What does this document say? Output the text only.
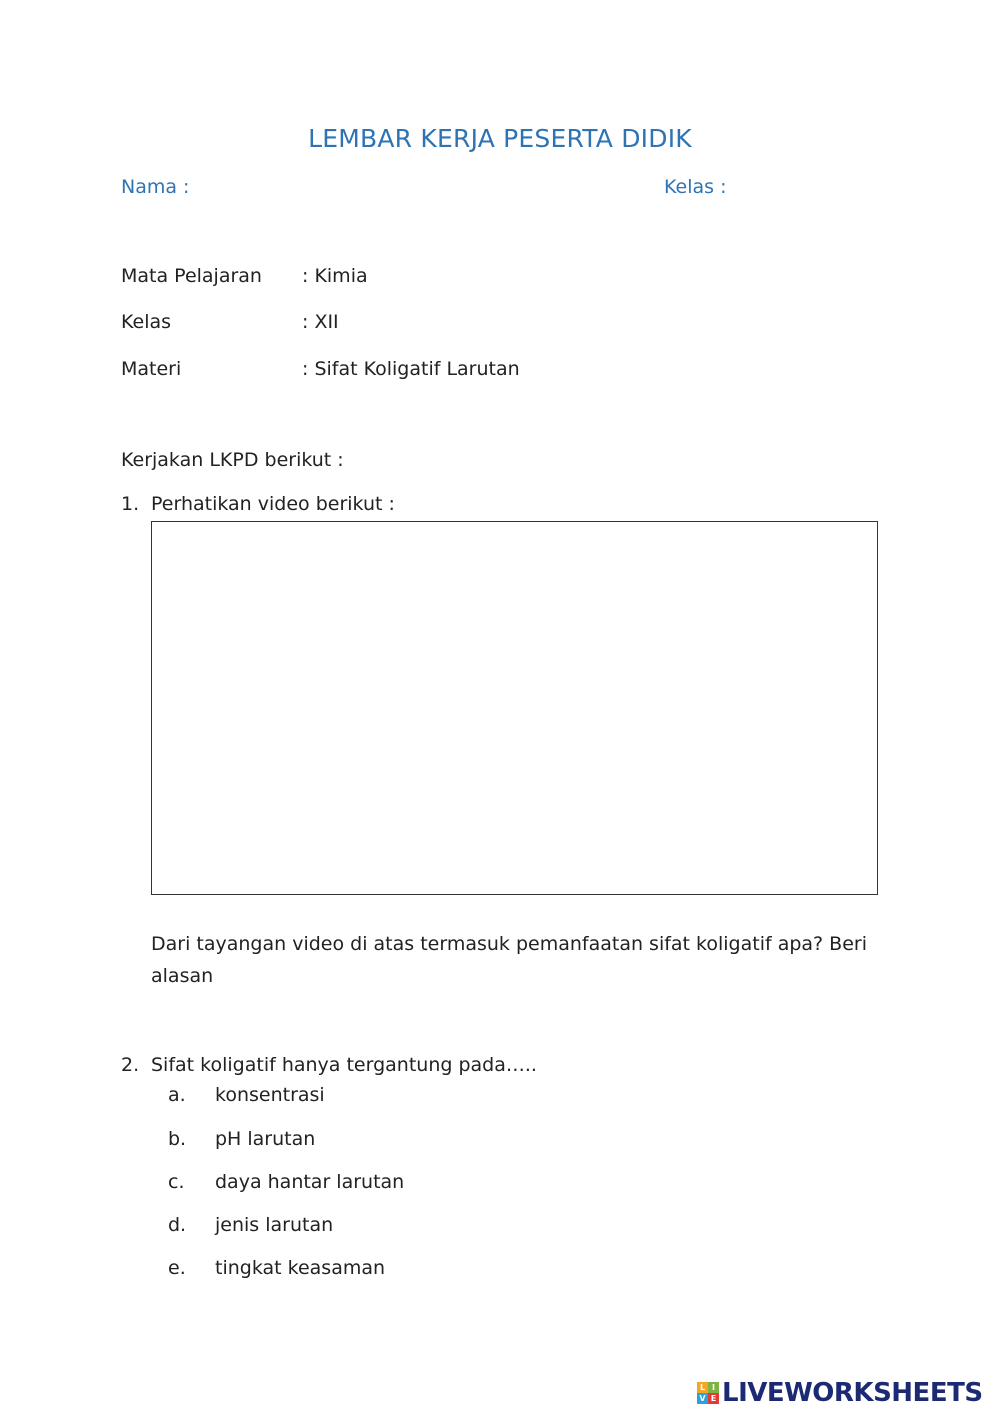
LEMBAR KERJA PESERTA DIDIK
Nama :	Kelas :
Mata Pelajaran : Kimia
Kelas	: XII
Materi	: Sifat Koligatif Larutan
Kerjakan LKPD berikut :
1. Perhatikan video berikut :
Dari tayangan video di atas termasuk pemanfaatan sifat koligatif apa? Beri alasan
2. Sifat koligatif hanya tergantung pada…..
a. konsentrasi
b. pH larutan
c. daya hantar larutan
d. jenis larutan
e. tingkat keasaman
L I
V E LIVEWORKSHEETS
